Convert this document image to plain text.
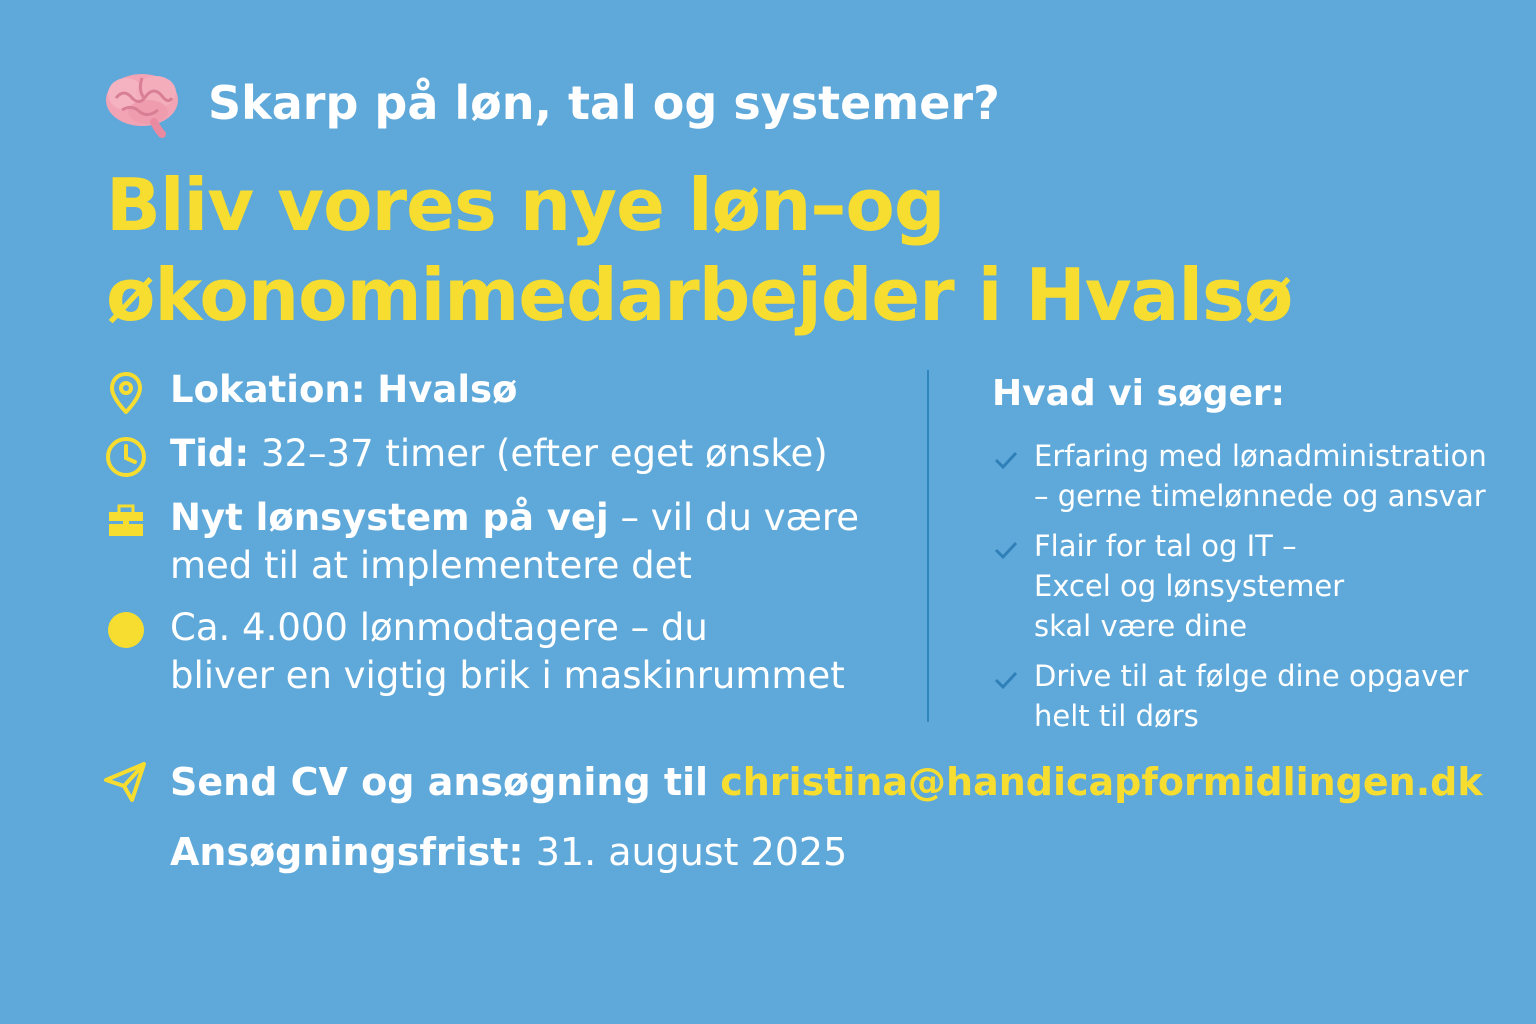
Skarp på løn, tal og systemer?
Bliv vores nye løn–og
økonomimedarbejder i Hvalsø
Lokation: Hvalsø
Tid: 32–37 timer (efter eget ønske)
Nyt lønsystem på vej – vil du være
med til at implementere det
Ca. 4.000 lønmodtagere – du
bliver en vigtig brik i maskinrummet
Hvad vi søger:
Erfaring med lønadministration
– gerne timelønnede og ansvar
Flair for tal og IT –
Excel og lønsystemer
skal være dine
Drive til at følge dine opgaver
helt til dørs
Send CV og ansøgning til christina@handicapformidlingen.dk
Ansøgningsfrist: 31. august 2025
